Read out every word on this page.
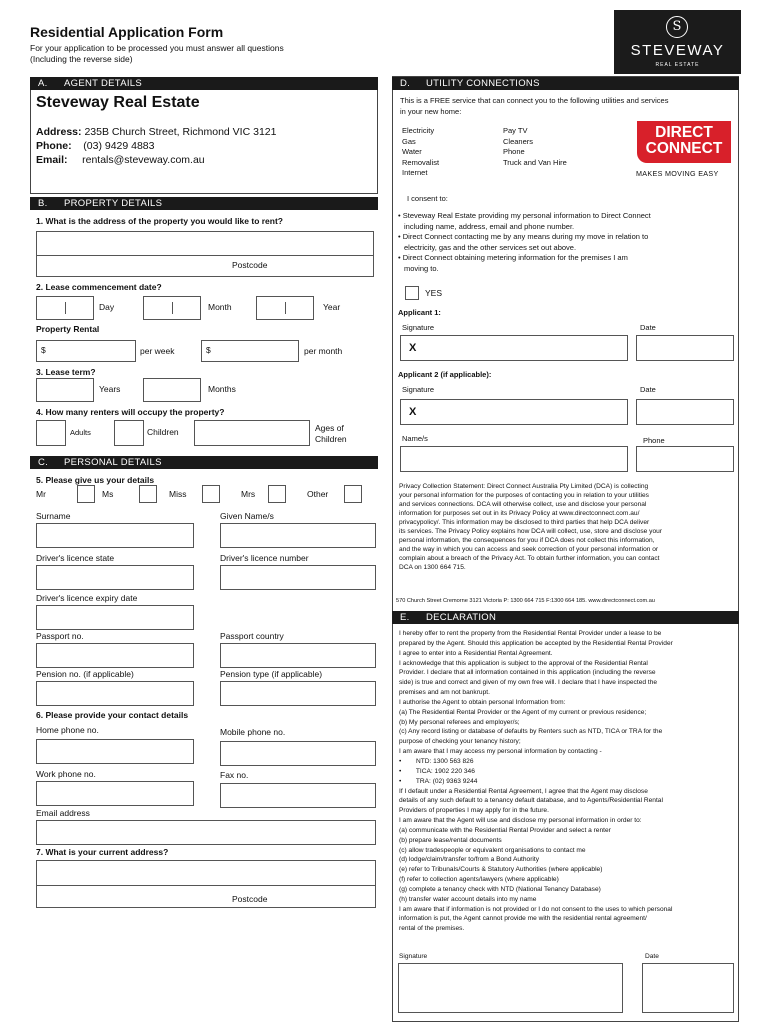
Residential Application Form
For your application to be processed you must answer all questions
(Including the reverse side)
S
STEVEWAY
REAL ESTATE
A. AGENT DETAILS
Steveway Real Estate
Address: 235B Church Street, Richmond VIC 3121
Phone: (03) 9429 4883
Email: rentals@steveway.com.au
B. PROPERTY DETAILS
1. What is the address of the property you would like to rent?
Postcode
2. Lease commencement date?
Day	Month	Year
Property Rental
$	per week	$	per month
3. Lease term?
Years	Months
4. How many renters will occupy the property?
Adults	Children	Ages of
Children
C. PERSONAL DETAILS
5. Please give us your details
Mr	Ms	Miss	Mrs	Other
Surname	Given Name/s
Driver's licence state	Driver's licence number
Driver's licence expiry date
Passport no.	Passport country
Pension no. (if applicable)	Pension type (if applicable)
6. Please provide your contact details
Home phone no.	Mobile phone no.
Work phone no.	Fax no.
Email address
7. What is your current address?
Postcode
D. UTILITY CONNECTIONS
This is a FREE service that can connect you to the following utilities and services
in your new home:
Electricity
Gas
Water
Removalist
Internet
Pay TV
Cleaners
Phone
Truck and Van Hire
DIRECT
CONNECT
MAKES MOVING EASY
I consent to:
• Steveway Real Estate providing my personal information to Direct Connect
including name, address, email and phone number.
• Direct Connect contacting me by any means during my move in relation to
electricity, gas and the other services set out above.
• Direct Connect obtaining metering information for the premises I am
moving to.
YES
Applicant 1:
Signature	Date
X
Applicant 2 (if applicable):
Signature	Date
X
Name/s	Phone
Privacy Collection Statement: Direct Connect Australia Pty Limited (DCA) is collecting
your personal information for the purposes of contacting you in relation to your utilities
and services connections. DCA will otherwise collect, use and disclose your personal
information for purposes set out in its Privacy Policy at www.directconnect.com.au/
privacypolicy/. This information may be disclosed to third parties that help DCA deliver
its services. The Privacy Policy explains how DCA will collect, use, store and disclose your
personal information, the consequences for you if DCA does not collect this information,
and the way in which you can access and seek correction of your personal information or
complain about a breach of the Privacy Act. To obtain further information, you can contact
DCA on 1300 664 715.
570 Church Street Cremorne 3121 Victoria P: 1300 664 715 F:1300 664 185. www.directconnect.com.au
E. DECLARATION
I hereby offer to rent the property from the Residential Rental Provider under a lease to be
prepared by the Agent. Should this application be accepted by the Residential Rental Provider
I agree to enter into a Residential Rental Agreement.
I acknowledge that this application is subject to the approval of the Residential Rental
Provider. I declare that all information contained in this application (including the reverse
side) is true and correct and given of my own free will. I declare that I have inspected the
premises and am not bankrupt.
I authorise the Agent to obtain personal Information from:
(a) The Residential Rental Provider or the Agent of my current or previous residence;
(b) My personal referees and employer/s;
(c) Any record listing or database of defaults by Renters such as NTD, TICA or TRA for the
purpose of checking your tenancy history;
I am aware that I may access my personal information by contacting -
•        NTD: 1300 563 826
•        TICA: 1902 220 346
•        TRA: (02) 9363 9244
If I default under a Residential Rental Agreement, I agree that the Agent may disclose
details of any such default to a tenancy default database, and to Agents/Residential Rental
Providers of properties I may apply for in the future.
I am aware that the Agent will use and disclose my personal information in order to:
(a) communicate with the Residential Rental Provider and select a renter
(b) prepare lease/rental documents
(c) allow tradespeople or equivalent organisations to contact me
(d) lodge/claim/transfer to/from a Bond Authority
(e) refer to Tribunals/Courts & Statutory Authorities (where applicable)
(f) refer to collection agents/lawyers (where applicable)
(g) complete a tenancy check with NTD (National Tenancy Database)
(h) transfer water account details into my name
I am aware that if information is not provided or I do not consent to the uses to which personal
information is put, the Agent cannot provide me with the residential rental agreement/
rental of the premises.
Signature	Date
